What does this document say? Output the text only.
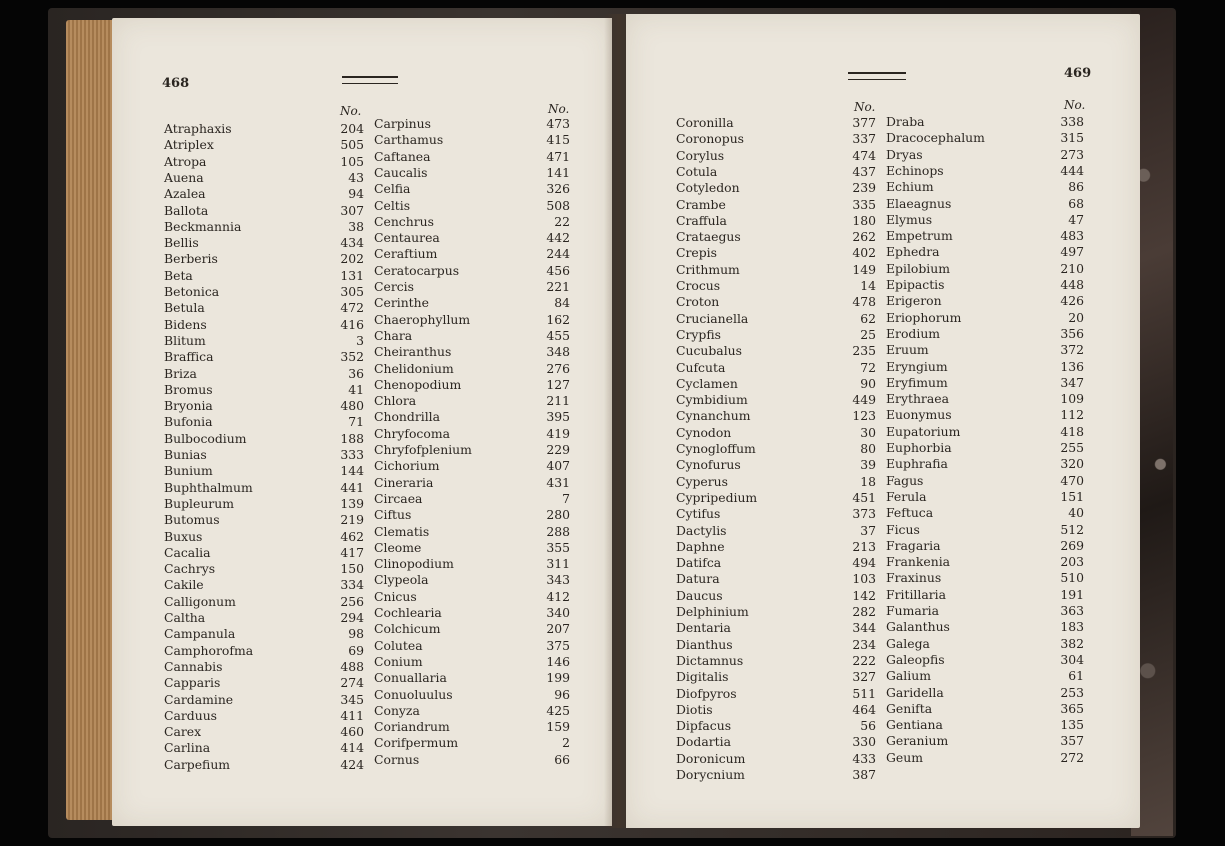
468
No.	No.
Atraphaxis	204
Atriplex	505
Atropa	105
Auena	43
Azalea	94
Ballota	307
Beckmannia	38
Bellis	434
Berberis	202
Beta	131
Betonica	305
Betula	472
Bidens	416
Blitum	3
Braffica	352
Briza	36
Bromus	41
Bryonia	480
Bufonia	71
Bulbocodium	188
Bunias	333
Bunium	144
Buphthalmum	441
Bupleurum	139
Butomus	219
Buxus	462
Cacalia	417
Cachrys	150
Cakile	334
Calligonum	256
Caltha	294
Campanula	98
Camphorofma	69
Cannabis	488
Capparis	274
Cardamine	345
Carduus	411
Carex	460
Carlina	414
Carpefium	424
Carpinus	473
Carthamus	415
Caftanea	471
Caucalis	141
Celfia	326
Celtis	508
Cenchrus	22
Centaurea	442
Ceraftium	244
Ceratocarpus	456
Cercis	221
Cerinthe	84
Chaerophyllum	162
Chara	455
Cheiranthus	348
Chelidonium	276
Chenopodium	127
Chlora	211
Chondrilla	395
Chryfocoma	419
Chryfofplenium	229
Cichorium	407
Cineraria	431
Circaea	7
Ciftus	280
Clematis	288
Cleome	355
Clinopodium	311
Clypeola	343
Cnicus	412
Cochlearia	340
Colchicum	207
Colutea	375
Conium	146
Conuallaria	199
Conuoluulus	96
Conyza	425
Coriandrum	159
Corifpermum	2
Cornus	66
469
No.	No.
Coronilla	377
Coronopus	337
Corylus	474
Cotula	437
Cotyledon	239
Crambe	335
Craffula	180
Crataegus	262
Crepis	402
Crithmum	149
Crocus	14
Croton	478
Crucianella	62
Crypfis	25
Cucubalus	235
Cufcuta	72
Cyclamen	90
Cymbidium	449
Cynanchum	123
Cynodon	30
Cynogloffum	80
Cynofurus	39
Cyperus	18
Cypripedium	451
Cytifus	373
Dactylis	37
Daphne	213
Datifca	494
Datura	103
Daucus	142
Delphinium	282
Dentaria	344
Dianthus	234
Dictamnus	222
Digitalis	327
Diofpyros	511
Diotis	464
Dipfacus	56
Dodartia	330
Doronicum	433
Dorycnium	387
Draba	338
Dracocephalum	315
Dryas	273
Echinops	444
Echium	86
Elaeagnus	68
Elymus	47
Empetrum	483
Ephedra	497
Epilobium	210
Epipactis	448
Erigeron	426
Eriophorum	20
Erodium	356
Eruum	372
Eryngium	136
Eryfimum	347
Erythraea	109
Euonymus	112
Eupatorium	418
Euphorbia	255
Euphrafia	320
Fagus	470
Ferula	151
Feftuca	40
Ficus	512
Fragaria	269
Frankenia	203
Fraxinus	510
Fritillaria	191
Fumaria	363
Galanthus	183
Galega	382
Galeopfis	304
Galium	61
Garidella	253
Genifta	365
Gentiana	135
Geranium	357
Geum	272
